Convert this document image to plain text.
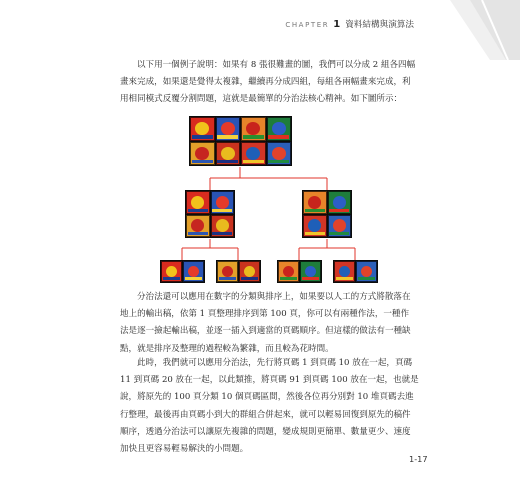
CHAPTER 1 資料結構與演算法
以下用一個例子說明：如果有 8 張很難畫的圖，我們可以分成 2 組各四幅
畫來完成，如果還是覺得太複雜，繼續再分成四組，每組各兩幅畫來完成，利
用相同模式反覆分割問題，這就是最簡單的分治法核心精神。如下圖所示：
分治法還可以應用在數字的分類與排序上，如果要以人工的方式將散落在
地上的輸出稿，依第 1 頁整理排序到第 100 頁，你可以有兩種作法，一種作
法是逐一撿起輸出稿，並逐一插入到適當的頁碼順序。但這樣的做法有一種缺
點，就是排序及整理的過程較為繁雜，而且較為花時間。
此時，我們就可以應用分治法，先行將頁碼 1 到頁碼 10 放在一起，頁碼
11 到頁碼 20 放在一起，以此類推，將頁碼 91 到頁碼 100 放在一起，也就是
說，將原先的 100 頁分類 10 個頁碼區間，然後各位再分別對 10 堆頁碼去進
行整理，最後再由頁碼小到大的群組合併起來，就可以輕易回復到原先的稿件
順序，透過分治法可以讓原先複雜的問題，變成規則更簡單、數量更少、速度
加快且更容易輕易解決的小問題。
1-17
